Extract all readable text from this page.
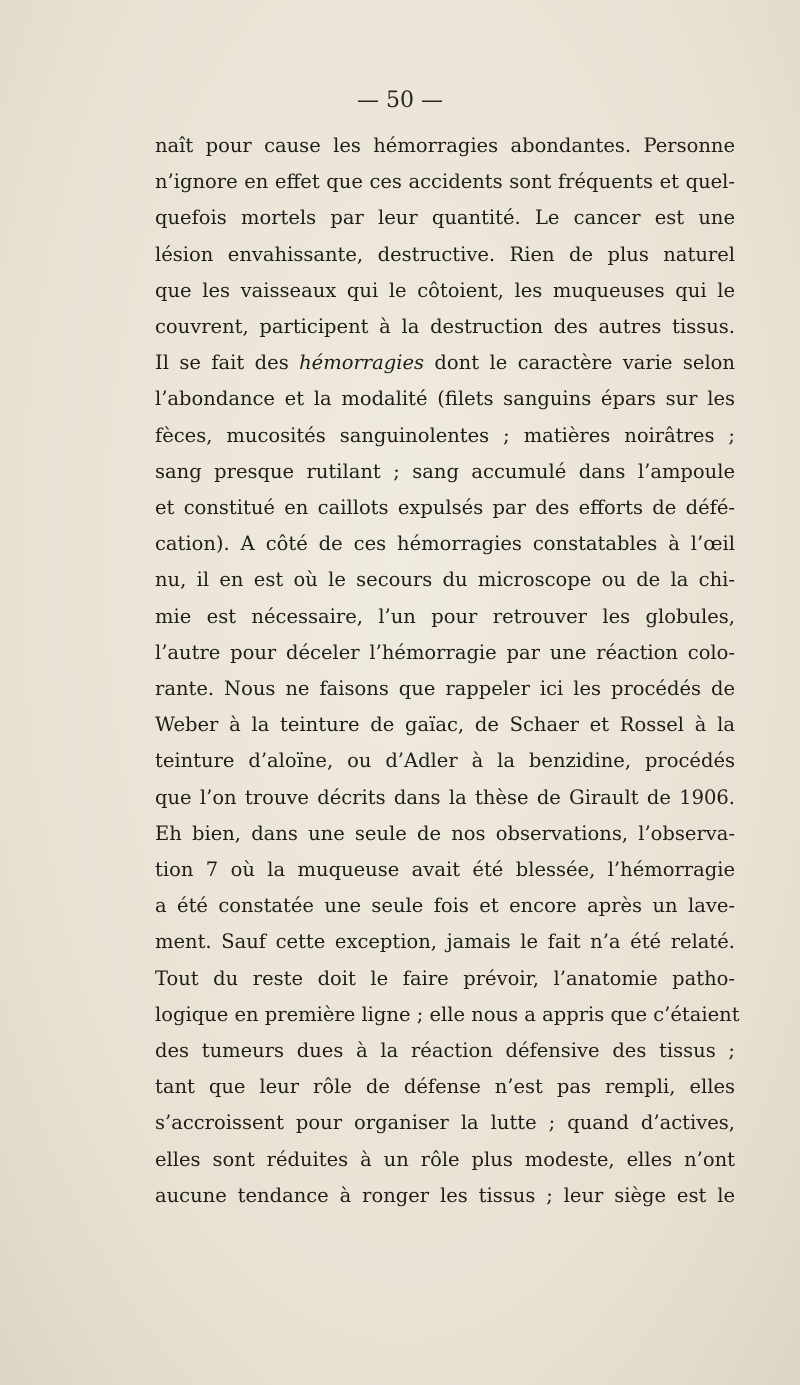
— 50 —
naît pour cause les hémorragies abondantes. Personne
n’ignore en effet que ces accidents sont fréquents et quel-
quefois mortels par leur quantité. Le cancer est une
lésion envahissante, destructive. Rien de plus naturel
que les vaisseaux qui le côtoient, les muqueuses qui le
couvrent, participent à la destruction des autres tissus.
Il se fait des hémorragies dont le caractère varie selon
l’abondance et la modalité (filets sanguins épars sur les
fèces, mucosités sanguinolentes ; matières noirâtres ;
sang presque rutilant ; sang accumulé dans l’ampoule
et constitué en caillots expulsés par des efforts de défé-
cation). A côté de ces hémorragies constatables à l’œil
nu, il en est où le secours du microscope ou de la chi-
mie est nécessaire, l’un pour retrouver les globules,
l’autre pour déceler l’hémorragie par une réaction colo-
rante. Nous ne faisons que rappeler ici les procédés de
Weber à la teinture de gaïac, de Schaer et Rossel à la
teinture d’aloïne, ou d’Adler à la benzidine, procédés
que l’on trouve décrits dans la thèse de Girault de 1906.
Eh bien, dans une seule de nos observations, l’observa-
tion 7 où la muqueuse avait été blessée, l’hémorragie
a été constatée une seule fois et encore après un lave-
ment. Sauf cette exception, jamais le fait n’a été relaté.
Tout du reste doit le faire prévoir, l’anatomie patho-
logique en première ligne ; elle nous a appris que c’étaient
des tumeurs dues à la réaction défensive des tissus ;
tant que leur rôle de défense n’est pas rempli, elles
s’accroissent pour organiser la lutte ; quand d’actives,
elles sont réduites à un rôle plus modeste, elles n’ont
aucune tendance à ronger les tissus ; leur siège est le
